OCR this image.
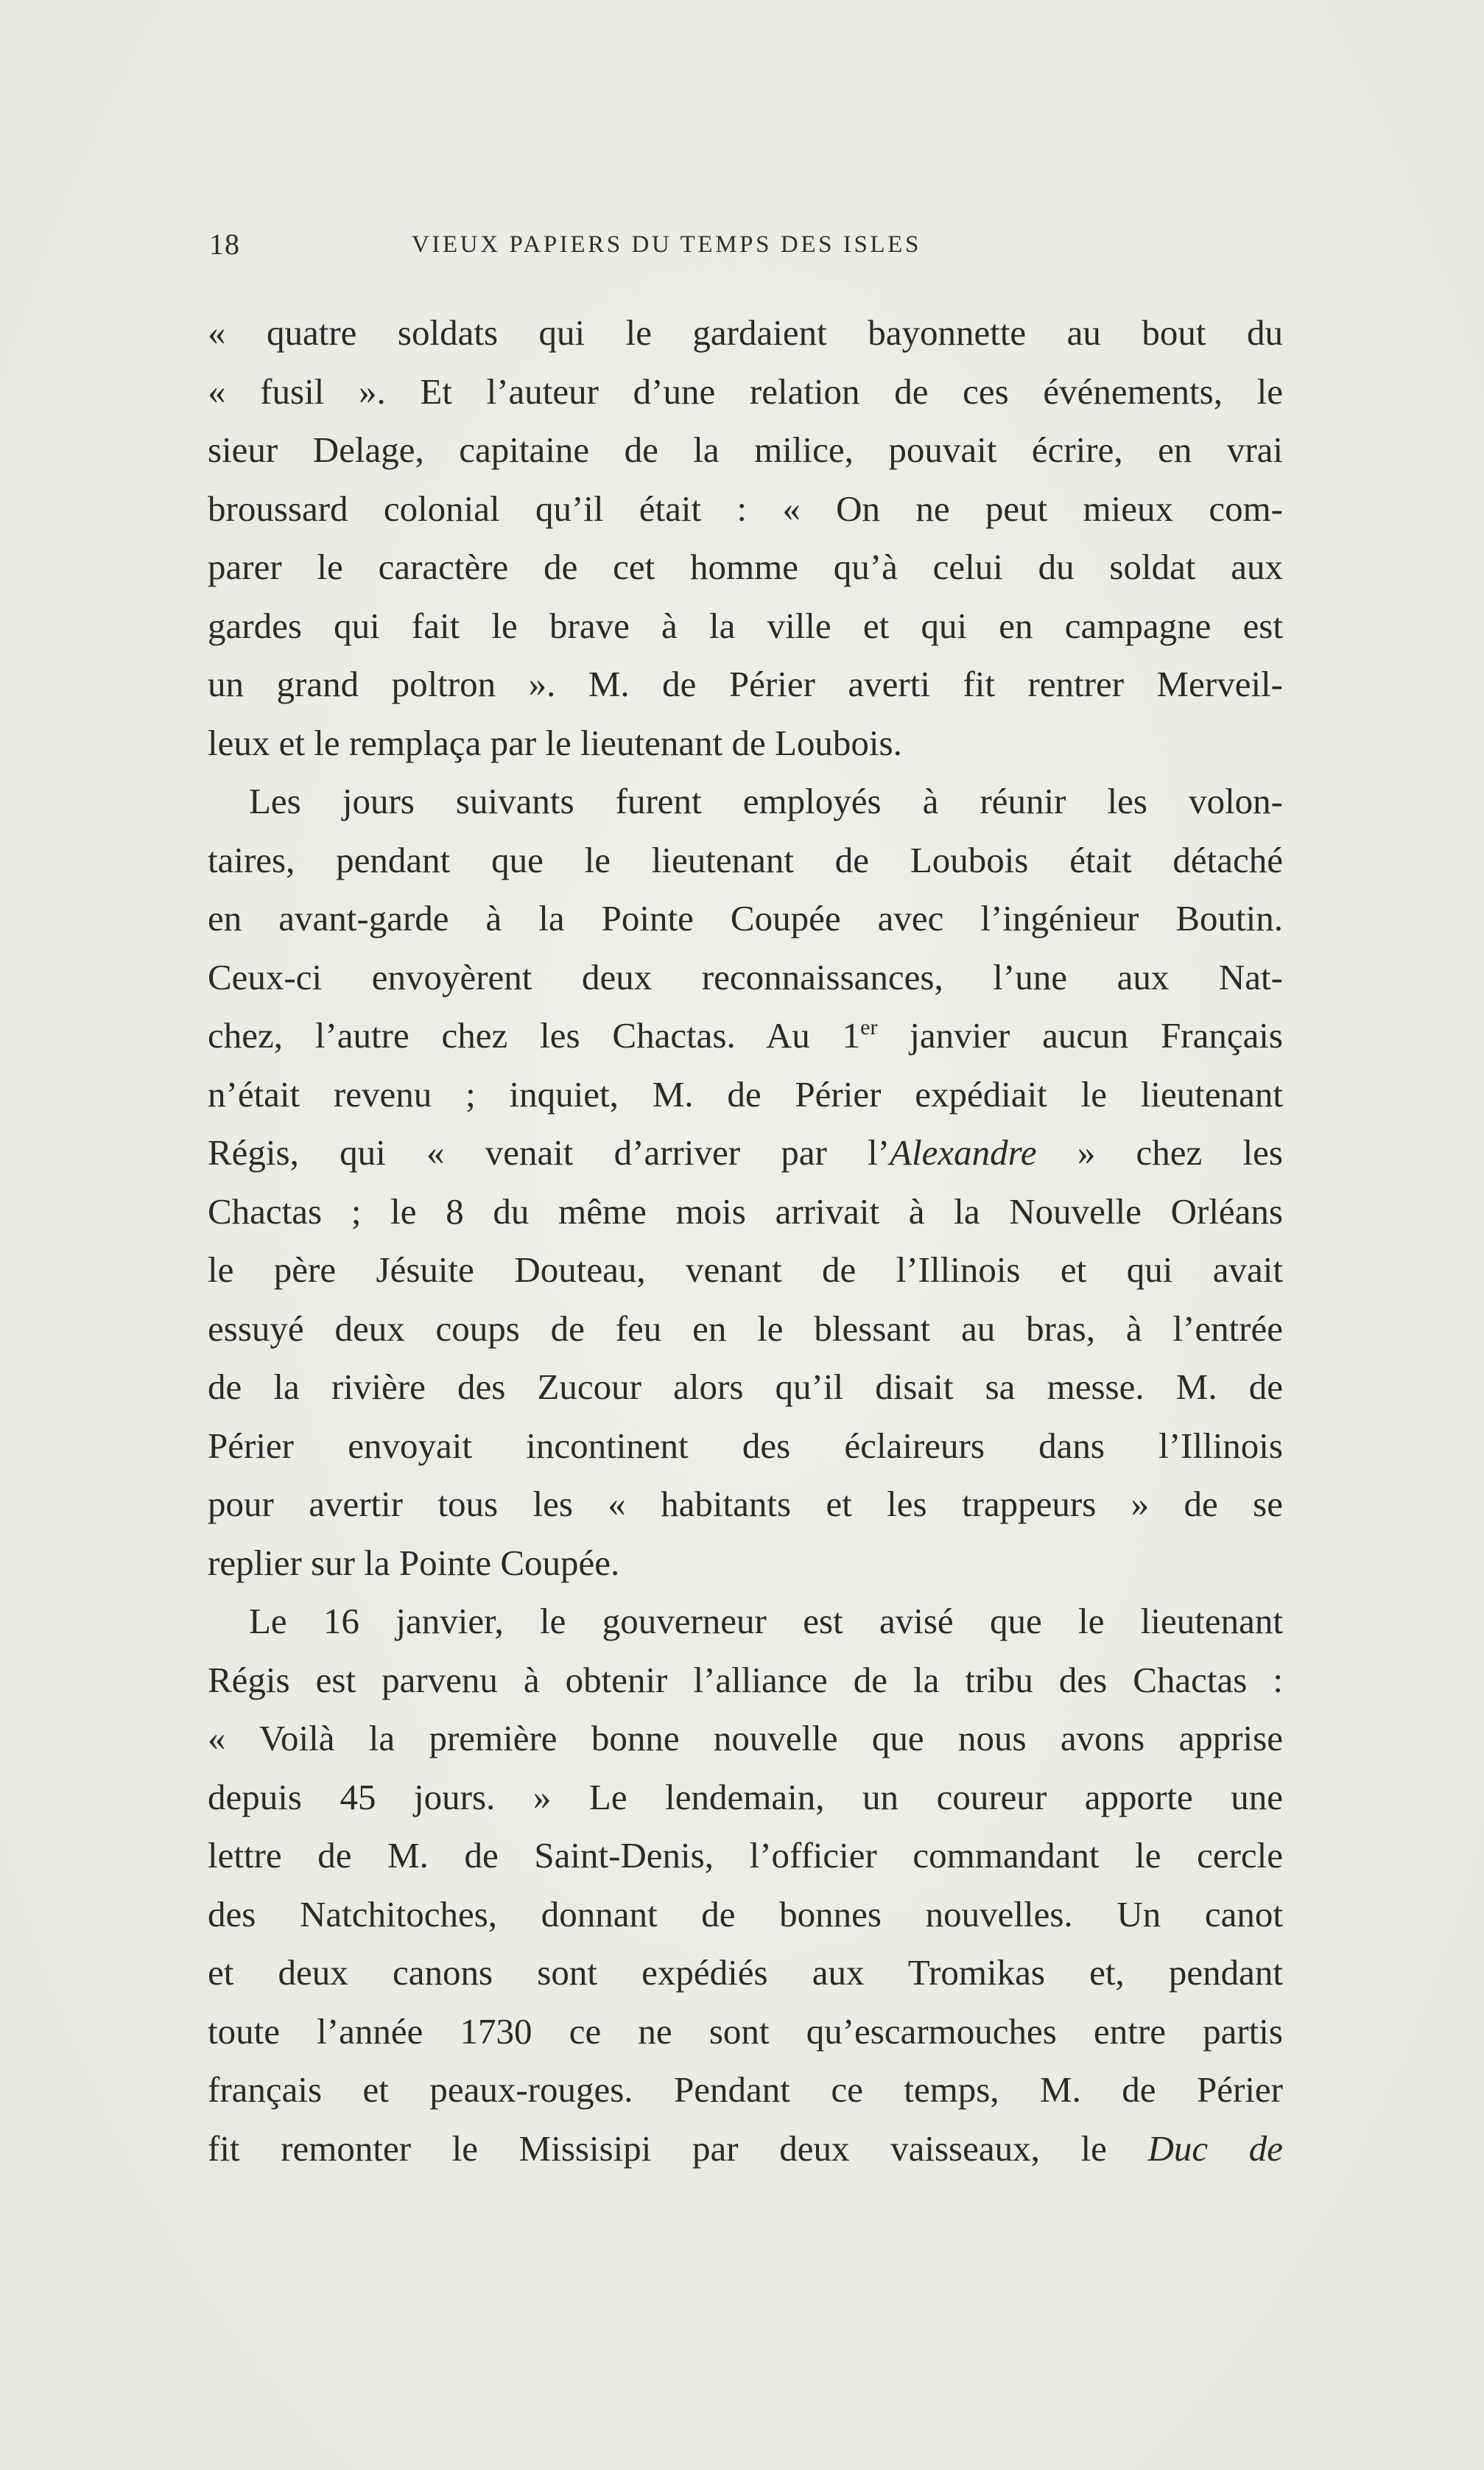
18	VIEUX PAPIERS DU TEMPS DES ISLES
« quatre soldats qui le gardaient bayonnette au bout du
« fusil ». Et l’auteur d’une relation de ces événements, le
sieur Delage, capitaine de la milice, pouvait écrire, en vrai
broussard colonial qu’il était : « On ne peut mieux com-
parer le caractère de cet homme qu’à celui du soldat aux
gardes qui fait le brave à la ville et qui en campagne est
un grand poltron ». M. de Périer averti fit rentrer Merveil-
leux et le remplaça par le lieutenant de Loubois.
Les jours suivants furent employés à réunir les volon-
taires, pendant que le lieutenant de Loubois était détaché
en avant-garde à la Pointe Coupée avec l’ingénieur Boutin.
Ceux-ci envoyèrent deux reconnaissances, l’une aux Nat-
chez, l’autre chez les Chactas. Au 1er janvier aucun Français
n’était revenu ; inquiet, M. de Périer expédiait le lieutenant
Régis, qui « venait d’arriver par l’Alexandre » chez les
Chactas ; le 8 du même mois arrivait à la Nouvelle Orléans
le père Jésuite Douteau, venant de l’Illinois et qui avait
essuyé deux coups de feu en le blessant au bras, à l’entrée
de la rivière des Zucour alors qu’il disait sa messe. M. de
Périer envoyait incontinent des éclaireurs dans l’Illinois
pour avertir tous les « habitants et les trappeurs » de se
replier sur la Pointe Coupée.
Le 16 janvier, le gouverneur est avisé que le lieutenant
Régis est parvenu à obtenir l’alliance de la tribu des Chactas :
« Voilà la première bonne nouvelle que nous avons apprise
depuis 45 jours. » Le lendemain, un coureur apporte une
lettre de M. de Saint-Denis, l’officier commandant le cercle
des Natchitoches, donnant de bonnes nouvelles. Un canot
et deux canons sont expédiés aux Tromikas et, pendant
toute l’année 1730 ce ne sont qu’escarmouches entre partis
français et peaux-rouges. Pendant ce temps, M. de Périer
fit remonter le Missisipi par deux vaisseaux, le Duc de
